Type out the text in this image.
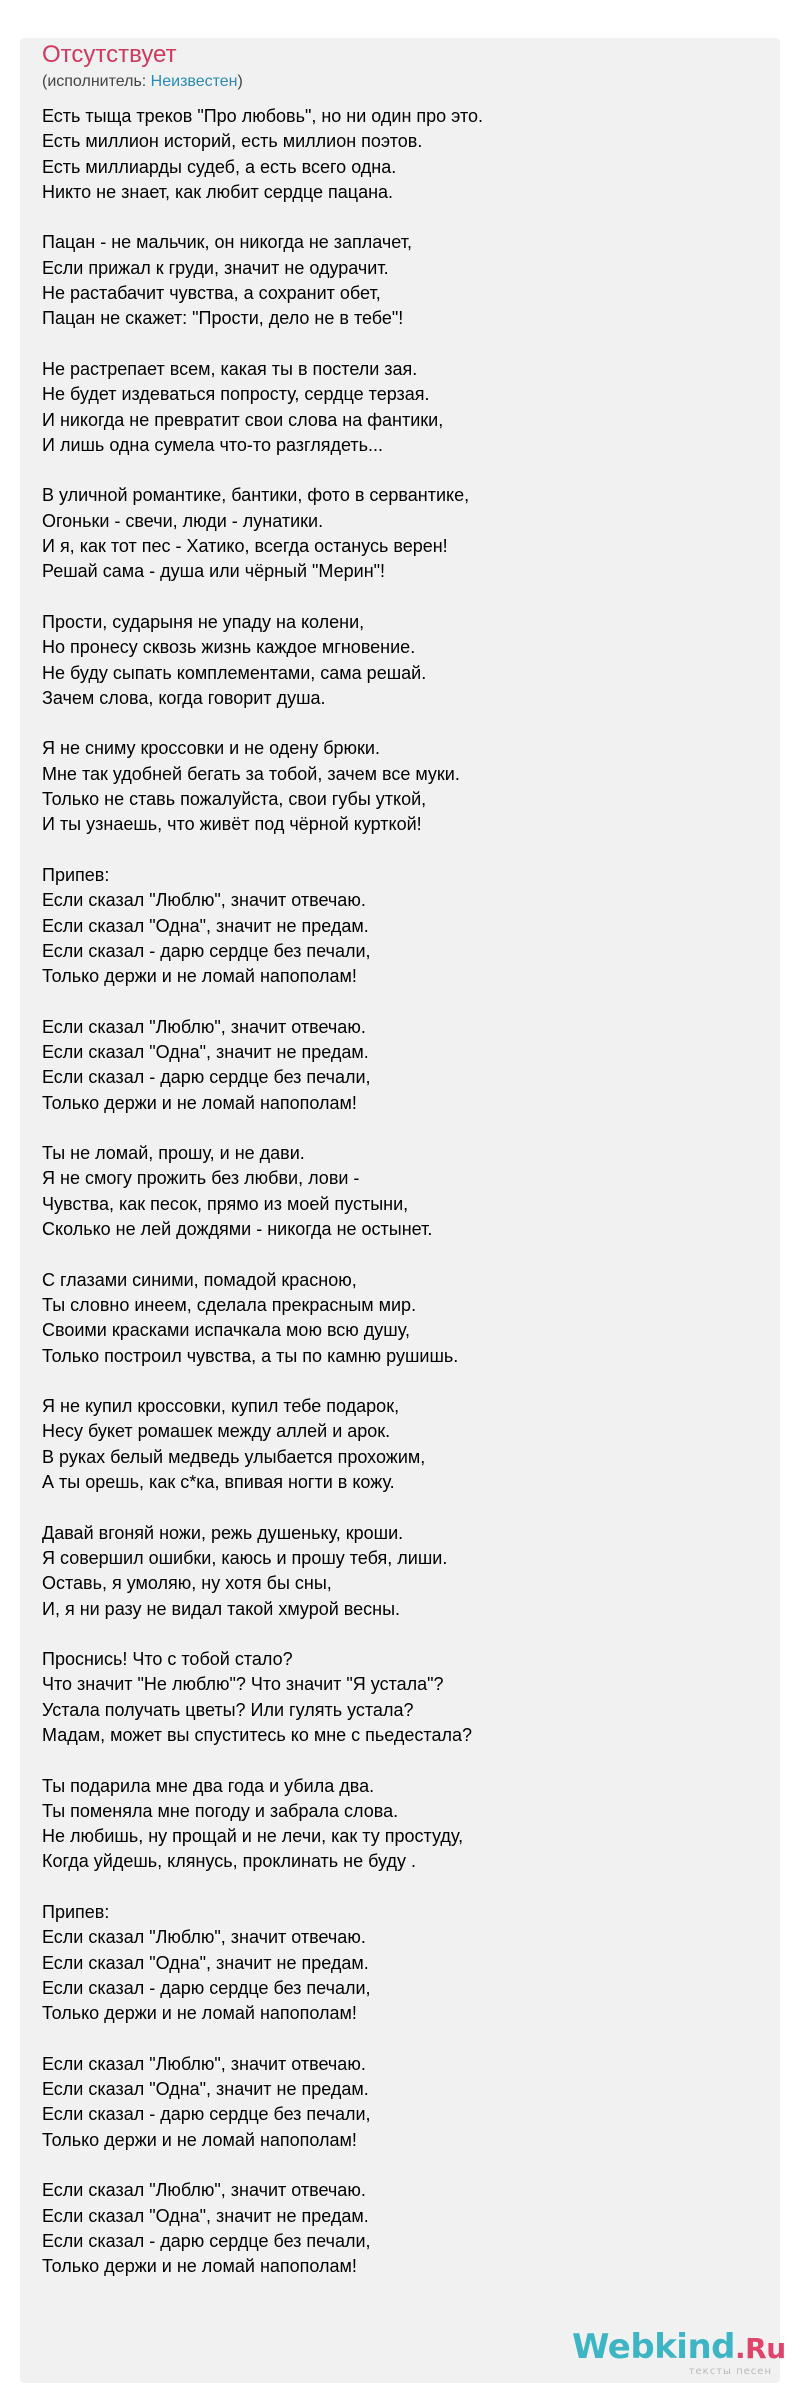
Отсутствует
(исполнитель: Неизвестен)
Есть тыща треков "Про любовь", но ни один про это.
Есть миллион историй, есть миллион поэтов.
Есть миллиарды судеб, а есть всего одна.
Никто не знает, как любит сердце пацана.
Пацан - не мальчик, он никогда не заплачет,
Если прижал к груди, значит не одурачит.
Не растабачит чувства, а сохранит обет,
Пацан не скажет: "Прости, дело не в тебе"!
Не растрепает всем, какая ты в постели зая.
Не будет издеваться попросту, сердце терзая.
И никогда не превратит свои слова на фантики,
И лишь одна сумела что-то разглядеть...
В уличной романтике, бантики, фото в сервантике,
Огоньки - свечи, люди - лунатики.
И я, как тот пес - Хатико, всегда останусь верен!
Решай сама - душа или чёрный "Мерин"!
Прости, сударыня не упаду на колени,
Но пронесу сквозь жизнь каждое мгновение.
Не буду сыпать комплементами, сама решай.
Зачем слова, когда говорит душа.
Я не сниму кроссовки и не одену брюки.
Мне так удобней бегать за тобой, зачем все муки.
Только не ставь пожалуйста, свои губы уткой,
И ты узнаешь, что живёт под чёрной курткой!
Припев:
Если сказал "Люблю", значит отвечаю.
Если сказал "Одна", значит не предам.
Если сказал - дарю сердце без печали,
Только держи и не ломай напополам!
Если сказал "Люблю", значит отвечаю.
Если сказал "Одна", значит не предам.
Если сказал - дарю сердце без печали,
Только держи и не ломай напополам!
Ты не ломай, прошу, и не дави.
Я не смогу прожить без любви, лови -
Чувства, как песок, прямо из моей пустыни,
Сколько не лей дождями - никогда не остынет.
С глазами синими, помадой красною,
Ты словно инеем, сделала прекрасным мир.
Своими красками испачкала мою всю душу,
Только построил чувства, а ты по камню рушишь.
Я не купил кроссовки, купил тебе подарок,
Несу букет ромашек между аллей и арок.
В руках белый медведь улыбается прохожим,
А ты орешь, как с*ка, впивая ногти в кожу.
Давай вгоняй ножи, режь душеньку, кроши.
Я совершил ошибки, каюсь и прошу тебя, лиши.
Оставь, я умоляю, ну хотя бы сны,
И, я ни разу не видал такой хмурой весны.
Проснись! Что с тобой стало?
Что значит "Не люблю"? Что значит "Я устала"?
Устала получать цветы? Или гулять устала?
Мадам, может вы спуститесь ко мне с пьедестала?
Ты подарила мне два года и убила два.
Ты поменяла мне погоду и забрала слова.
Не любишь, ну прощай и не лечи, как ту простуду,
Когда уйдешь, клянусь, проклинать не буду .
Припев:
Если сказал "Люблю", значит отвечаю.
Если сказал "Одна", значит не предам.
Если сказал - дарю сердце без печали,
Только держи и не ломай напополам!
Если сказал "Люблю", значит отвечаю.
Если сказал "Одна", значит не предам.
Если сказал - дарю сердце без печали,
Только держи и не ломай напополам!
Если сказал "Люблю", значит отвечаю.
Если сказал "Одна", значит не предам.
Если сказал - дарю сердце без печали,
Только держи и не ломай напополам!
Webkind.Ru
тексты песен
